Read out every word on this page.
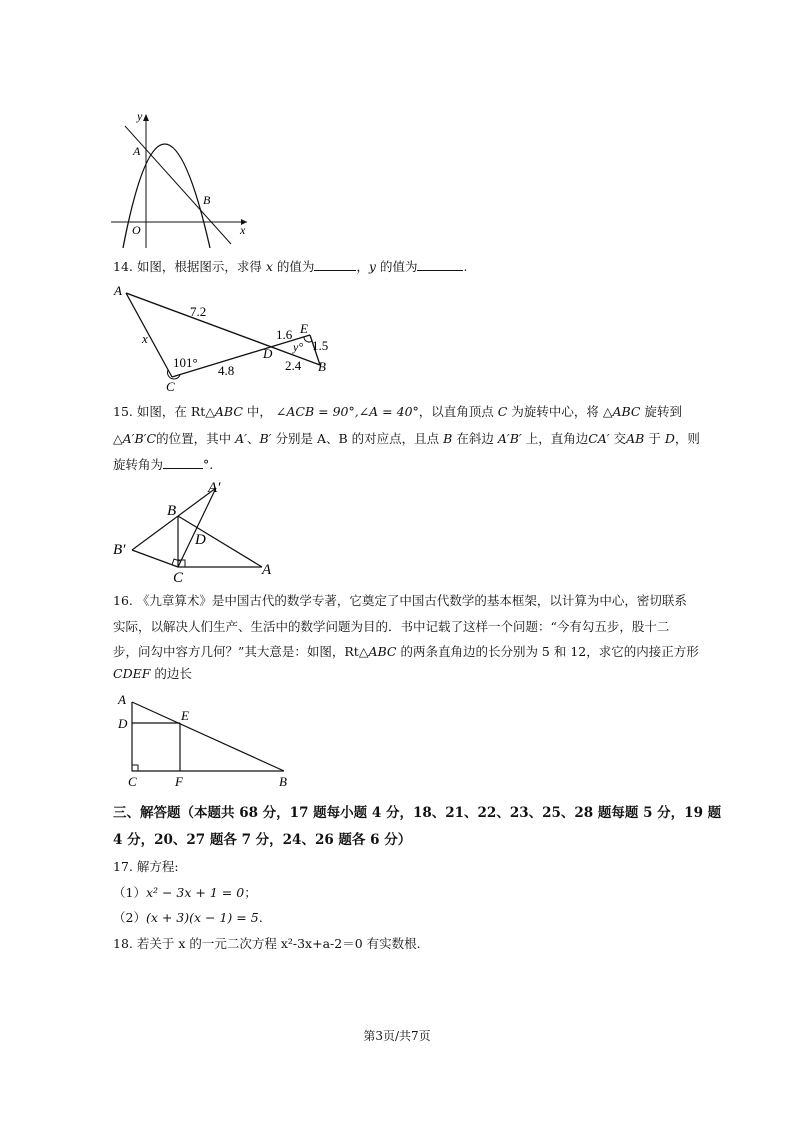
y
x
O
A
B
14. 如图，根据图示，求得 x 的值为	，y 的值为	.
A
x
C
101°
7.2
4.8
D
1.6 E
y° 1.5
2.4 B
15. 如图，在 Rt△ABC 中， ∠ACB = 90°,∠A = 40°，以直角顶点 C 为旋转中心，将 △ABC 旋转到
△A′B′C的位置，其中 A′、B′ 分别是 A、B 的对应点，且点 B 在斜边 A′B′ 上，直角边CA′ 交AB 于 D，则
旋转角为	°.
A′
B
D
B′
C	A
16. 《九章算术》是中国古代的数学专著，它奠定了中国古代数学的基本框架，以计算为中心，密切联系
实际，以解决人们生产、生活中的数学问题为目的．书中记载了这样一个问题：“今有勾五步，股十二
步，问勾中容方几何？”其大意是：如图，Rt△ABC 的两条直角边的长分别为 5 和 12，求它的内接正方形
CDEF 的边长
A
D
E
C	F	B
三、解答题（本题共 68 分，17 题每小题 4 分，18、21、22、23、25、28 题每题 5 分，19 题
4 分，20、27 题各 7 分，24、26 题各 6 分）
17. 解方程:
（1）x² − 3x + 1 = 0；
（2）(x + 3)(x − 1) = 5.
18. 若关于 x 的一元二次方程 x²-3x+a-2＝0 有实数根.
第3页/共7页
